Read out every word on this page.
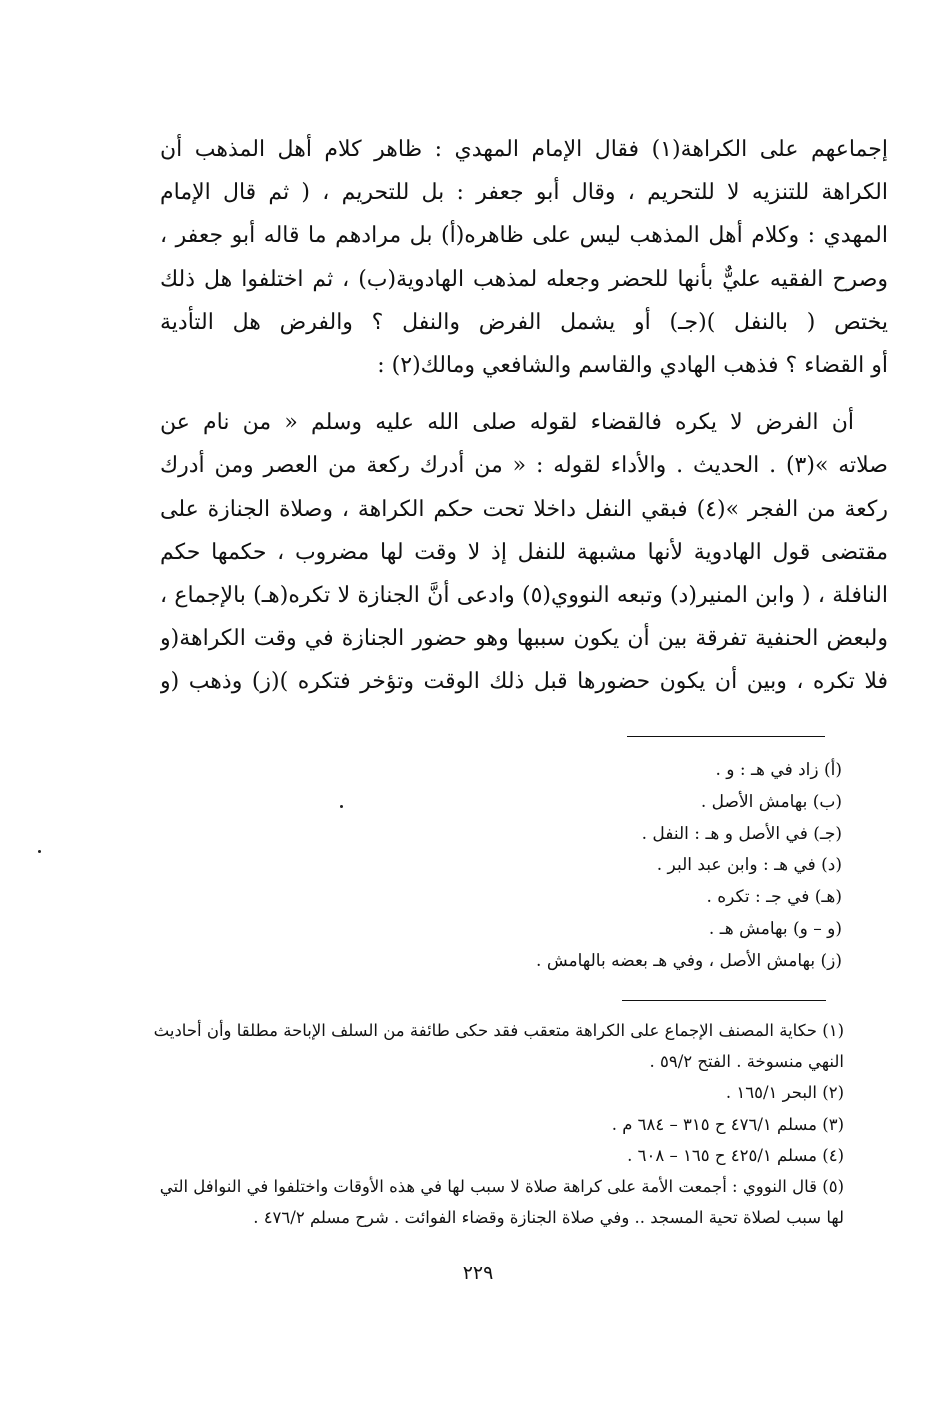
إجماعهم على الكراهة(١) فقال الإمام المهدي : ظاهر كلام أهل المذهب أن
الكراهة للتنزيه لا للتحريم ، وقال أبو جعفر : بل للتحريم ، ( ثم قال الإمام
المهدي : وكلام أهل المذهب ليس على ظاهره(أ) بل مرادهم ما قاله أبو جعفر ،
وصرح الفقيه عليٌّ بأنها للحضر وجعله لمذهب الهادوية(ب) ، ثم اختلفوا هل ذلك
يختص ( بالنفل )(جـ) أو يشمل الفرض والنفل ؟ والفرض هل التأدية
أو القضاء ؟ فذهب الهادي والقاسم والشافعي ومالك(٢) :
أن الفرض لا يكره فالقضاء لقوله صلى الله عليه وسلم « من نام عن
صلاته »(٣) . الحديث . والأداء لقوله : « من أدرك ركعة من العصر ومن أدرك
ركعة من الفجر »(٤) فبقي النفل داخلا تحت حكم الكراهة ، وصلاة الجنازة على
مقتضى قول الهادوية لأنها مشبهة للنفل إذ لا وقت لها مضروب ، حكمها حكم
النافلة ، ( وابن المنير(د) وتبعه النووي(٥) وادعى أنَّ الجنازة لا تكره(هـ) بالإجماع ،
ولبعض الحنفية تفرقة بين أن يكون سببها وهو حضور الجنازة في وقت الكراهة(و
فلا تكره ، وبين أن يكون حضورها قبل ذلك الوقت وتؤخر فتكره )(ز) وذهب (و
(أ) زاد في هـ : و .
(ب) بهامش الأصل .
(جـ) في الأصل و هـ : النفل .
(د) في هـ : وابن عبد البر .
(هـ) في جـ : تكره .
(و – و) بهامش هـ .
(ز) بهامش الأصل ، وفي هـ بعضه بالهامش .
(١) حكاية المصنف الإجماع على الكراهة متعقب فقد حكى طائفة من السلف الإباحة مطلقا وأن أحاديث
النهي منسوخة . الفتح ٥٩/٢ .
(٢) البحر ١٦٥/١ .
(٣) مسلم ٤٧٦/١ ح ٣١٥ – ٦٨٤ م .
(٤) مسلم ٤٢٥/١ ح ١٦٥ – ٦٠٨ .
(٥) قال النووي : أجمعت الأمة على كراهة صلاة لا سبب لها في هذه الأوقات واختلفوا في النوافل التي
لها سبب لصلاة تحية المسجد .. وفي صلاة الجنازة وقضاء الفوائت . شرح مسلم ٤٧٦/٢ .
٢٢٩
